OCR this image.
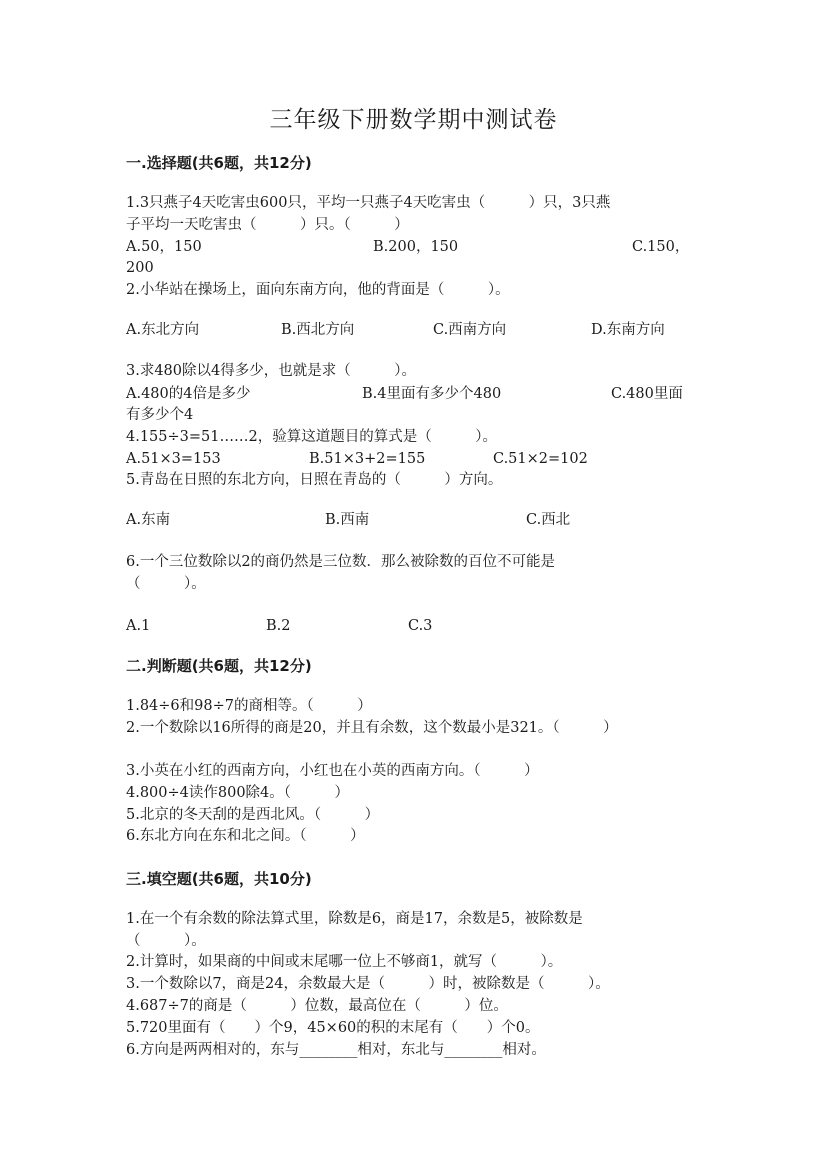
三年级下册数学期中测试卷
一.选择题(共6题，共12分)
1.3只燕子4天吃害虫600只，平均一只燕子4天吃害虫（　　　）只，3只燕
子平均一天吃害虫（　　　）只。（　　　）
A.50，150	B.200，150	C.150，
200
2.小华站在操场上，面向东南方向，他的背面是（　　　）。
A.东北方向	B.西北方向	C.西南方向	D.东南方向
3.求480除以4得多少，也就是求（　　　）。
A.480的4倍是多少	B.4里面有多少个480	C.480里面
有多少个4
4.155÷3=51……2，验算这道题目的算式是（　　　）。
A.51×3=153	B.51×3+2=155	C.51×2=102
5.青岛在日照的东北方向，日照在青岛的（　　　）方向。
A.东南	B.西南	C.西北
6.一个三位数除以2的商仍然是三位数．那么被除数的百位不可能是
（　　　）。
A.1	B.2	C.3
二.判断题(共6题，共12分)
1.84÷6和98÷7的商相等。（　　　）
2.一个数除以16所得的商是20，并且有余数，这个数最小是321。（　　　）
3.小英在小红的西南方向，小红也在小英的西南方向。（　　　）
4.800÷4读作800除4。（　　　）
5.北京的冬天刮的是西北风。（　　　）
6.东北方向在东和北之间。（　　　）
三.填空题(共6题，共10分)
1.在一个有余数的除法算式里，除数是6，商是17，余数是5，被除数是
（　　　）。
2.计算时，如果商的中间或末尾哪一位上不够商1，就写（　　　）。
3.一个数除以7，商是24，余数最大是（　　　）时，被除数是（　　　）。
4.687÷7的商是（　　　）位数，最高位在（　　　）位。
5.720里面有（　　）个9，45×60的积的末尾有（　　）个0。
6.方向是两两相对的，东与________相对，东北与________相对。
